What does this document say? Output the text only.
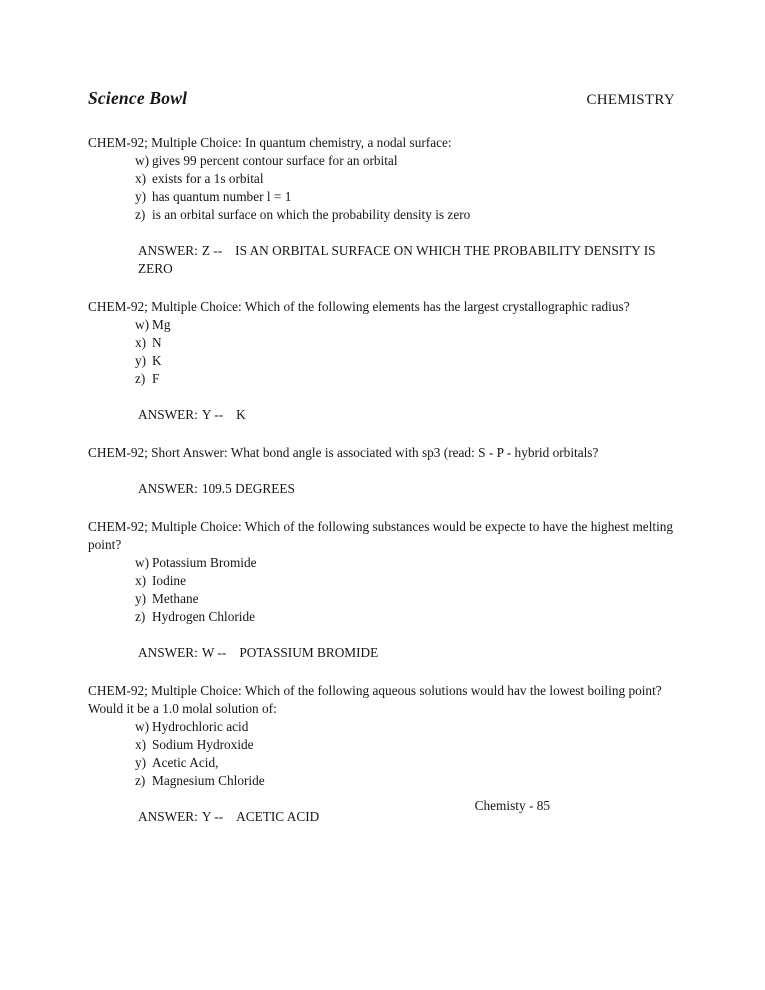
Science Bowl	CHEMISTRY
CHEM-92; Multiple Choice: In quantum chemistry, a nodal surface:
w) gives 99 percent contour surface for an orbital
x) exists for a 1s orbital
y) has quantum number l = 1
z) is an orbital surface on which the probability density is zero
ANSWER: Z -- IS AN ORBITAL SURFACE ON WHICH THE PROBABILITY DENSITY IS ZERO
CHEM-92; Multiple Choice: Which of the following elements has the largest crystallographic radius?
w) Mg
x) N
y) K
z) F
ANSWER: Y -- K
CHEM-92; Short Answer: What bond angle is associated with sp3 (read: S - P - hybrid orbitals?
ANSWER: 109.5 DEGREES
CHEM-92; Multiple Choice: Which of the following substances would be expecte to have the highest melting point?
w) Potassium Bromide
x) Iodine
y) Methane
z) Hydrogen Chloride
ANSWER: W -- POTASSIUM BROMIDE
CHEM-92; Multiple Choice: Which of the following aqueous solutions would hav the lowest boiling point? Would it be a 1.0 molal solution of:
w) Hydrochloric acid
x) Sodium Hydroxide
y) Acetic Acid,
z) Magnesium Chloride
ANSWER: Y -- ACETIC ACID
Chemisty - 85
